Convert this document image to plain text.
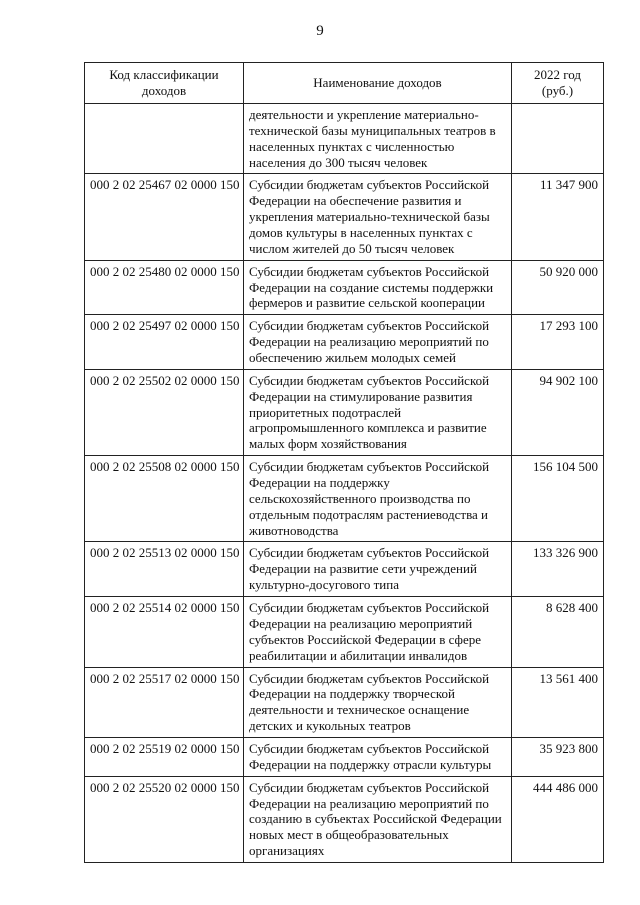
9
Код классификации доходов	Наименование доходов	2022 год (руб.)
	деятельности и укрепление материально-технической базы муниципальных театров в населенных пунктах с численностью населения до 300 тысяч человек	
000 2 02 25467 02 0000 150	Субсидии бюджетам субъектов Российской Федерации на обеспечение развития и укрепления материально-технической базы домов культуры в населенных пунктах с числом жителей до 50 тысяч человек	11 347 900
000 2 02 25480 02 0000 150	Субсидии бюджетам субъектов Российской Федерации на создание системы поддержки фермеров и развитие сельской кооперации	50 920 000
000 2 02 25497 02 0000 150	Субсидии бюджетам субъектов Российской Федерации на реализацию мероприятий по обеспечению жильем молодых семей	17 293 100
000 2 02 25502 02 0000 150	Субсидии бюджетам субъектов Российской Федерации на стимулирование развития приоритетных подотраслей агропромышленного комплекса и развитие малых форм хозяйствования	94 902 100
000 2 02 25508 02 0000 150	Субсидии бюджетам субъектов Российской Федерации на поддержку сельскохозяйственного производства по отдельным подотраслям растениеводства и животноводства	156 104 500
000 2 02 25513 02 0000 150	Субсидии бюджетам субъектов Российской Федерации на развитие сети учреждений культурно-досугового типа	133 326 900
000 2 02 25514 02 0000 150	Субсидии бюджетам субъектов Российской Федерации на реализацию мероприятий субъектов Российской Федерации в сфере реабилитации и абилитации инвалидов	8 628 400
000 2 02 25517 02 0000 150	Субсидии бюджетам субъектов Российской Федерации на поддержку творческой деятельности и техническое оснащение детских и кукольных театров	13 561 400
000 2 02 25519 02 0000 150	Субсидии бюджетам субъектов Российской Федерации на поддержку отрасли культуры	35 923 800
000 2 02 25520 02 0000 150	Субсидии бюджетам субъектов Российской Федерации на реализацию мероприятий по созданию в субъектах Российской Федерации новых мест в общеобразовательных организациях	444 486 000
